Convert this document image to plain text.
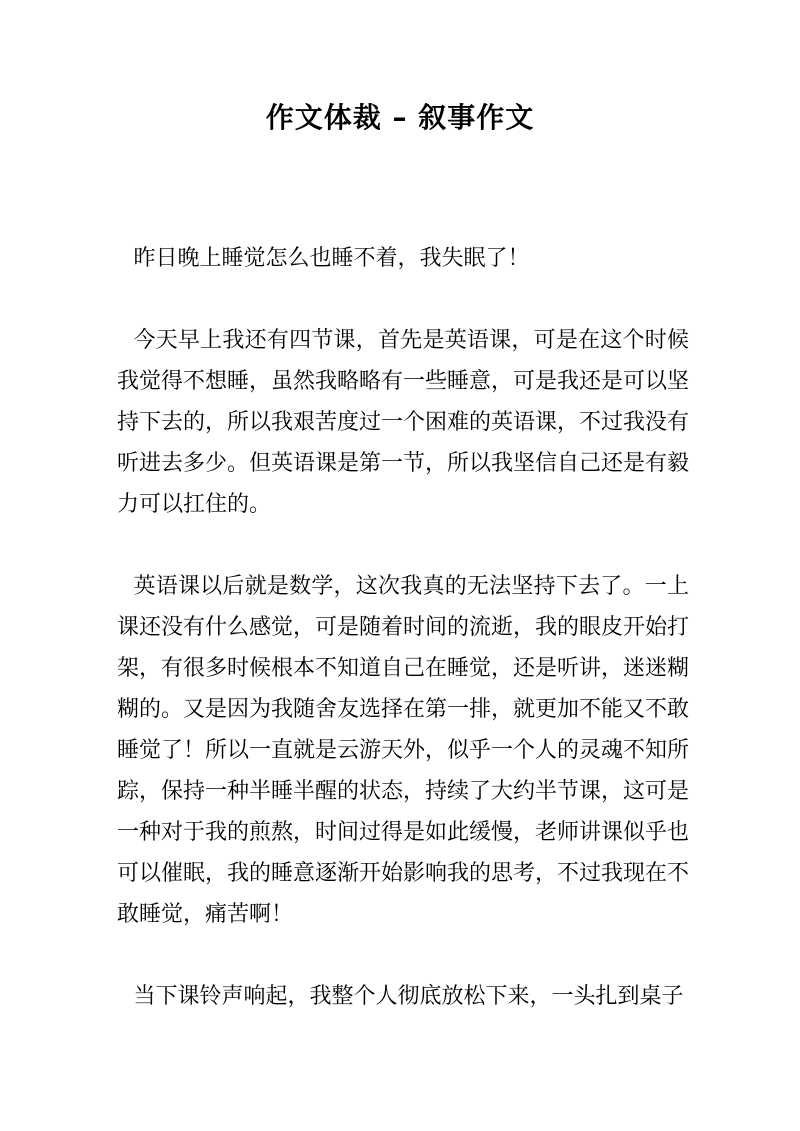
作文体裁 – 叙事作文

昨日晚上睡觉怎么也睡不着，我失眠了！

今天早上我还有四节课，首先是英语课，可是在这个时候我觉得不想睡，虽然我略略有一些睡意，可是我还是可以坚持下去的，所以我艰苦度过一个困难的英语课，不过我没有听进去多少。但英语课是第一节，所以我坚信自己还是有毅力可以扛住的。

英语课以后就是数学，这次我真的无法坚持下去了。一上课还没有什么感觉，可是随着时间的流逝，我的眼皮开始打架，有很多时候根本不知道自己在睡觉，还是听讲，迷迷糊糊的。又是因为我随舍友选择在第一排，就更加不能又不敢睡觉了！所以一直就是云游天外，似乎一个人的灵魂不知所踪，保持一种半睡半醒的状态，持续了大约半节课，这可是一种对于我的煎熬，时间过得是如此缓慢，老师讲课似乎也可以催眠，我的睡意逐渐开始影响我的思考，不过我现在不敢睡觉，痛苦啊！

当下课铃声响起，我整个人彻底放松下来，一头扎到桌子
